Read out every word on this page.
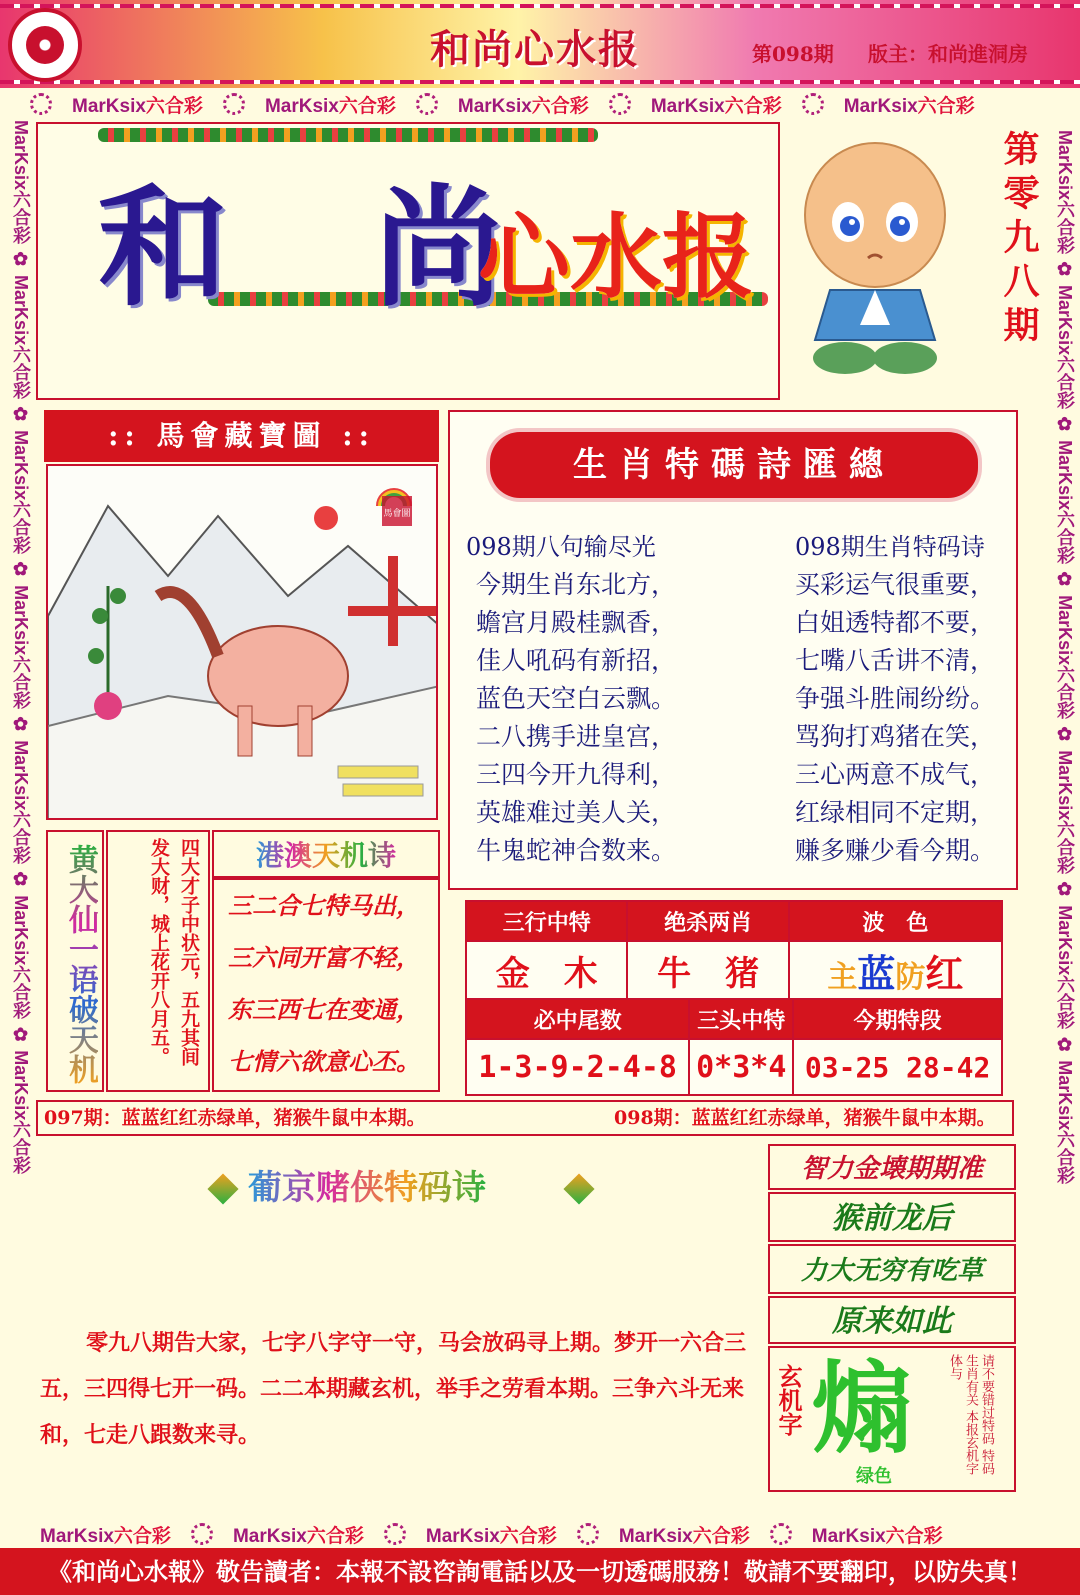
和尚心水报	第098期 版主：和尚進洞房
MarKsix六合彩	MarKsix六合彩	MarKsix六合彩	MarKsix六合彩	MarKsix六合彩
MarKsix六合彩	MarKsix六合彩	MarKsix六合彩	MarKsix六合彩	MarKsix六合彩
MarKsix六合彩 ✿ MarKsix六合彩 ✿ MarKsix六合彩 ✿ MarKsix六合彩 ✿ MarKsix六合彩 ✿ MarKsix六合彩 ✿ MarKsix六合彩
MarKsix六合彩 ✿ MarKsix六合彩 ✿ MarKsix六合彩 ✿ MarKsix六合彩 ✿ MarKsix六合彩 ✿ MarKsix六合彩 ✿ MarKsix六合彩
和 尚
心水报	第零九八期
:: 馬會藏寶圖 ::
馬會圖
生肖特碼詩匯總
098期八句输尽光
今期生肖东北方，
蟾宫月殿桂飘香，
佳人吼码有新招，
蓝色天空白云飘。
二八携手进皇宫，
三四今开九得利，
英雄难过美人关，
牛鬼蛇神合数来。
098期生肖特码诗
买彩运气很重要，
白姐透特都不要，
七嘴八舌讲不清，
争强斗胜闹纷纷。
骂狗打鸡猪在笑，
三心两意不成气，
红绿相同不定期，
赚多赚少看今期。
三行中特	绝杀两肖	波　色
金　木	牛　猪	主蓝防红
必中尾数	三头中特	今期特段
1-3-9-2-4-8	0*3*4	03-25 28-42
黄大仙一语破天机	四大才子中状元，五九其间发大财，城上花开八月五。	港澳天机诗
三二合七特马出，
三六同开富不轻，
东三西七在变通，
七情六欲意心丕。
097期：蓝蓝红红赤绿单，猪猴牛鼠中本期。	098期：蓝蓝红红赤绿单，猪猴牛鼠中本期。
葡京赌侠特码诗
零九八期告大家，七字八字守一守，马会放码寻上期。梦开一六合三五，三四得七开一码。二二本期藏玄机，举手之劳看本期。三争六斗无来和，七走八跟数来寻。
智力金壊期期准
猴前龙后
力大无穷有吃草
原来如此
玄机字 煽
绿色
请不要错过特码 特码生肖有关 本报玄机字体与
《和尚心水報》敬告讀者：本報不設咨詢電話以及一切透碼服務！敬請不要翻印，以防失真！
